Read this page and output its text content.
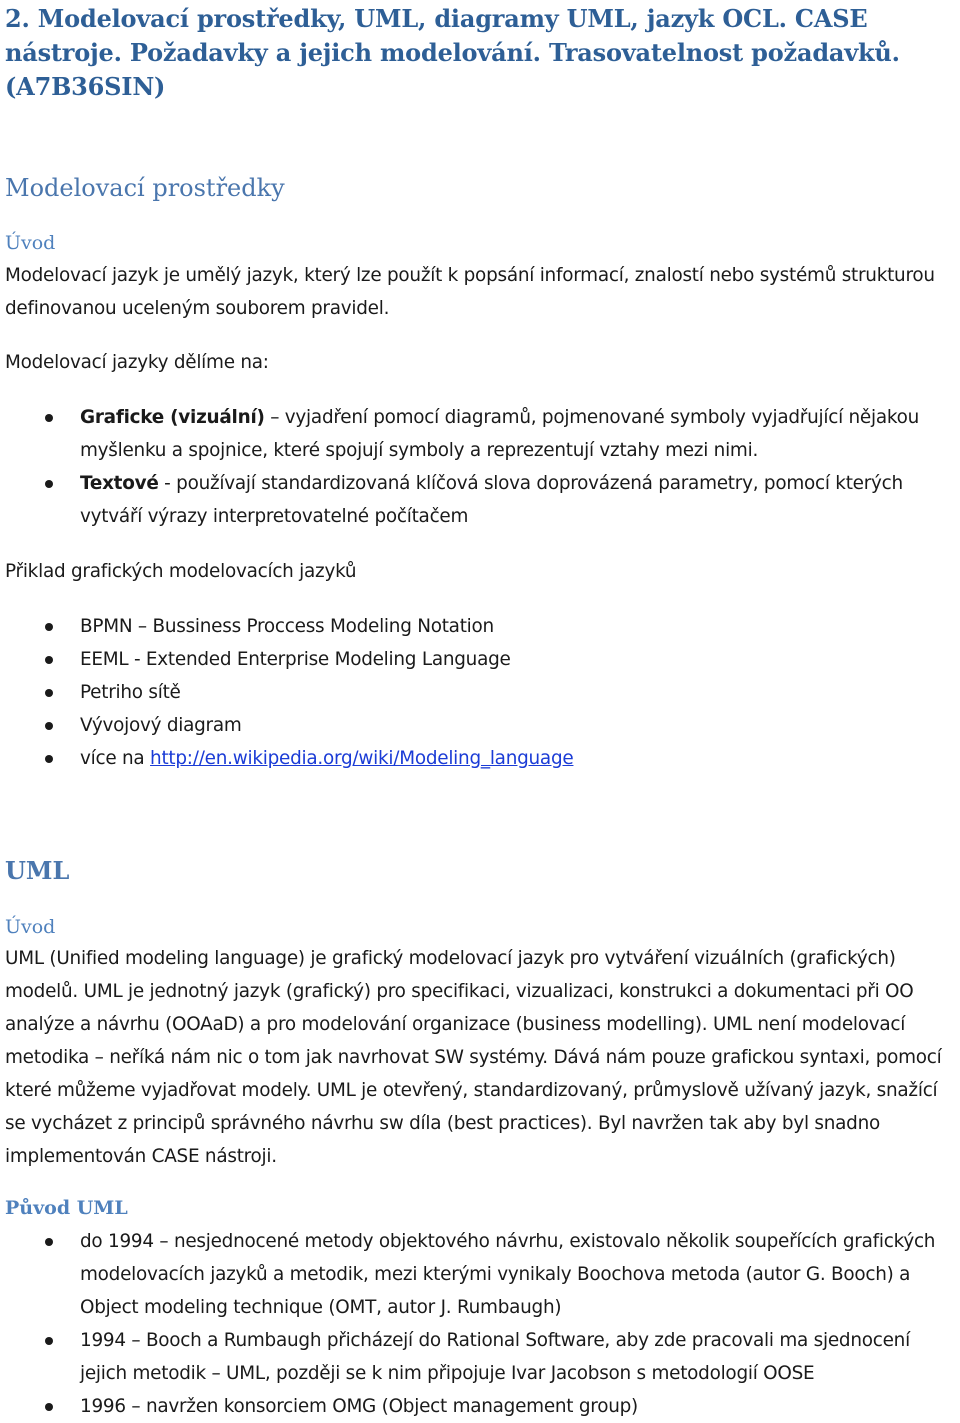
2. Modelovací prostředky, UML, diagramy UML, jazyk OCL. CASE nástroje. Požadavky a jejich modelování. Trasovatelnost požadavků. (A7B36SIN)
Modelovací prostředky
Úvod

Modelovací jazyk je umělý jazyk, který lze použít k popsání informací, znalostí nebo systémů strukturou definovanou uceleným souborem pravidel.

Modelovací jazyky dělíme na:

Graficke (vizuální) – vyjadření pomocí diagramů, pojmenované symboly vyjadřující nějakou myšlenku a spojnice, které spojují symboly a reprezentují vztahy mezi nimi.
Textové - používají standardizovaná klíčová slova doprovázená parametry, pomocí kterých vytváří výrazy interpretovatelné počítačem

Přiklad grafických modelovacích jazyků

BPMN – Bussiness Proccess Modeling Notation
EEML - Extended Enterprise Modeling Language
Petriho sítě
Vývojový diagram
více na http://en.wikipedia.org/wiki/Modeling_language
UML
Úvod

UML (Unified modeling language) je grafický modelovací jazyk pro vytváření vizuálních (grafických) modelů. UML je jednotný jazyk (grafický) pro specifikaci, vizualizaci, konstrukci a dokumentaci při OO analýze a návrhu (OOAaD) a pro modelování organizace (business modelling). UML není modelovací metodika – neříká nám nic o tom jak navrhovat SW systémy. Dává nám pouze grafickou syntaxi, pomocí které můžeme vyjadřovat modely. UML je otevřený, standardizovaný, průmyslově užívaný jazyk, snažící se vycházet z principů správného návrhu sw díla (best practices). Byl navržen tak aby byl snadno implementován CASE nástroji.

Původ UML
do 1994 – nesjednocené metody objektového návrhu, existovalo několik soupeřících grafických modelovacích jazyků a metodik, mezi kterými vynikaly Boochova metoda (autor G. Booch) a Object modeling technique (OMT, autor J. Rumbaugh)
1994 – Booch a Rumbaugh přicházejí do Rational Software, aby zde pracovali ma sjednocení jejich metodik – UML, později se k nim připojuje Ivar Jacobson s metodologií OOSE
1996 – navržen konsorciem OMG (Object management group)
